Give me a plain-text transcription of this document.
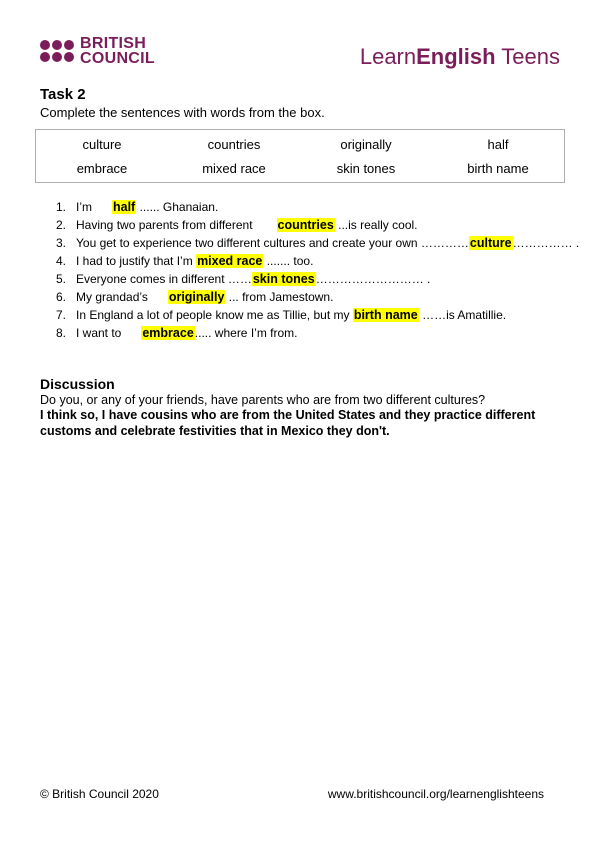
BRITISH
COUNCIL	LearnEnglish Teens
Task 2
Complete the sentences with words from the box.
culture	countries	originally	half
embrace	mixed race	skin tones	birth name
1. I’m half ...... Ghanaian.
2. Having two parents from different countries ...is really cool.
3. You get to experience two different cultures and create your own …………culture…………… .
4. I had to justify that I’m mixed race ....... too.
5. Everyone comes in different ……skin tones……………………… .
6. My grandad’s originally ... from Jamestown.
7. In England a lot of people know me as Tillie, but my birth name ……is Amatillie.
8. I want to embrace..... where I’m from.
Discussion
Do you, or any of your friends, have parents who are from two different cultures?
I think so, I have cousins who are from the United States and they practice different customs and celebrate festivities that in Mexico they don't.
© British Council 2020	www.britishcouncil.org/learnenglishteens
